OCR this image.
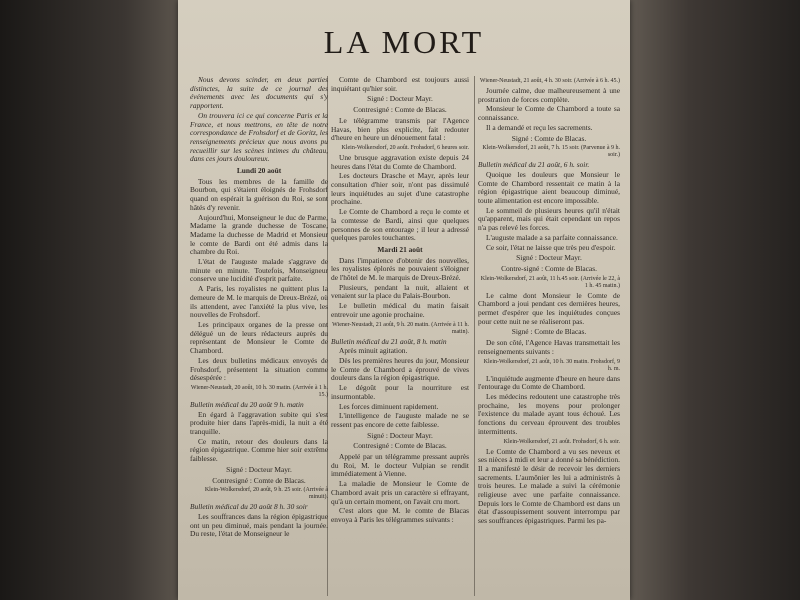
LA MORT

Nous devons scinder, en deux parties distinctes, la suite de ce journal des événements avec les documents qui s'y rapportent.

On trouvera ici ce qui concerne Paris et la France, et nous mettrons, en tête de notre correspondance de Frohsdorf et de Goritz, les renseignements précieux que nous avons pu recueillir sur les scènes intimes du château, dans ces jours douloureux.

Lundi 20 août

Tous les membres de la famille de Bourbon, qui s'étaient éloignés de Frohsdorf quand on espérait la guérison du Roi, se sont hâtés d'y revenir.

Aujourd'hui, Monseigneur le duc de Parme, Madame la grande duchesse de Toscane, Madame la duchesse de Madrid et Monsieur le comte de Bardi ont été admis dans la chambre du Roi.

L'état de l'auguste malade s'aggrave de minute en minute. Toutefois, Monseigneur conserve une lucidité d'esprit parfaite.

A Paris, les royalistes ne quittent plus la demeure de M. le marquis de Dreux-Brézé, où ils attendent, avec l'anxiété la plus vive, les nouvelles de Frohsdorf.

Les principaux organes de la presse ont délégué un de leurs rédacteurs auprès du représentant de Monsieur le Comte de Chambord.

Les deux bulletins médicaux envoyés de Frohsdorf, présentent la situation comme désespérée :

Wiener-Neustadt, 20 août, 10 h. 30 matin. (Arrivée à 1 h. 15.)

Bulletin médical du 20 août 9 h. matin

En égard à l'aggravation subite qui s'est produite hier dans l'après-midi, la nuit a été tranquille.

Ce matin, retour des douleurs dans la région épigastrique. Comme hier soir extrême faiblesse.

Signé : Docteur Mayr.

Contresigné : Comte de Blacas.

Klein-Wolkersdorf, 20 août, 9 h. 25 soir. (Arrivée à minuit).

Bulletin médical du 20 août 8 h. 30 soir

Les souffrances dans la région épigastrique ont un peu diminué, mais pendant la journée. Du reste, l'état de Monseigneur le

Comte de Chambord est toujours aussi inquiétant qu'hier soir.

Signé : Docteur Mayr.

Contresigné : Comte de Blacas.

Le télégramme transmis par l'Agence Havas, bien plus explicite, fait redouter d'heure en heure un dénouement fatal :

Klein-Wolkersdorf, 20 août. Frohsdorf, 6 heures soir.

Une brusque aggravation existe depuis 24 heures dans l'état du Comte de Chambord.

Les docteurs Drasche et Mayr, après leur consultation d'hier soir, n'ont pas dissimulé leurs inquiétudes au sujet d'une catastrophe prochaine.

Le Comte de Chambord a reçu le comte et la comtesse de Bardi, ainsi que quelques personnes de son entourage ; il leur a adressé quelques paroles touchantes.

Mardi 21 août

Dans l'impatience d'obtenir des nouvelles, les royalistes éplorés ne pouvaient s'éloigner de l'hôtel de M. le marquis de Dreux-Brézé.

Plusieurs, pendant la nuit, allaient et venaient sur la place du Palais-Bourbon.

Le bulletin médical du matin faisait entrevoir une agonie prochaine.

Wiener-Neustadt, 21 août, 9 h. 20 matin. (Arrivée à 11 h. matin).

Bulletin médical du 21 août, 8 h. matin

Après minuit agitation.

Dès les premières heures du jour, Monsieur le Comte de Chambord a éprouvé de vives douleurs dans la région épigastrique.

Le dégoût pour la nourriture est insurmontable.

Les forces diminuent rapidement.

L'intelligence de l'auguste malade ne se ressent pas encore de cette faiblesse.

Signé : Docteur Mayr.

Contresigné : Comte de Blacas.

Appelé par un télégramme pressant auprès du Roi, M. le docteur Vulpian se rendit immédiatement à Vienne.

La maladie de Monsieur le Comte de Chambord avait pris un caractère si effrayant, qu'à un certain moment, on l'avait cru mort.

C'est alors que M. le comte de Blacas envoya à Paris les télégrammes suivants :

Wiener-Neustadt, 21 août, 4 h. 30 soir. (Arrivée à 6 h. 45.)

Journée calme, due malheureusement à une prostration de forces complète.

Monsieur le Comte de Chambord a toute sa connaissance.

Il a demandé et reçu les sacrements.

Signé : Comte de Blacas.

Klein-Wolkersdorf, 21 août, 7 h. 15 soir. (Parvenue à 9 h. soir.)

Bulletin médical du 21 août, 6 h. soir.

Quoique les douleurs que Monsieur le Comte de Chambord ressentait ce matin à la région épigastrique aient beaucoup diminué, toute alimentation est encore impossible.

Le sommeil de plusieurs heures qu'il n'était qu'apparent, mais qui était cependant un repos n'a pas relevé les forces.

L'auguste malade a sa parfaite connaissance.

Ce soir, l'état ne laisse que très peu d'espoir.

Signé : Docteur Mayr.

Contre-signé : Comte de Blacas.

Klein-Wolkersdorf, 21 août, 11 h.45 soir. (Arrivée le 22, à 1 h. 45 matin.)

Le calme dont Monsieur le Comte de Chambord a joui pendant ces dernières heures, permet d'espérer que les inquiétudes conçues pour cette nuit ne se réaliseront pas.

Signé : Comte de Blacas.

De son côté, l'Agence Havas transmettait les renseignements suivants :

Klein-Wolkersdorf, 21 août, 10 h. 30 matin. Frohsdorf, 9 h. m.

L'inquiétude augmente d'heure en heure dans l'entourage du Comte de Chambord.

Les médecins redoutent une catastrophe très prochaine, les moyens pour prolonger l'existence du malade ayant tous échoué. Les fonctions du cerveau éprouvent des troubles intermittents.

Klein-Wolkersdorf, 21 août. Frohsdorf, 6 h. soir.

Le Comte de Chambord a vu ses neveux et ses nièces à midi et leur a donné sa bénédiction. Il a manifesté le désir de recevoir les derniers sacrements. L'aumônier les lui a administrés à trois heures. Le malade a suivi la cérémonie religieuse avec une parfaite connaissance. Depuis lors le Comte de Chambord est dans un état d'assoupissement souvent interrompu par ses souffrances épigastriques. Parmi les pa-
